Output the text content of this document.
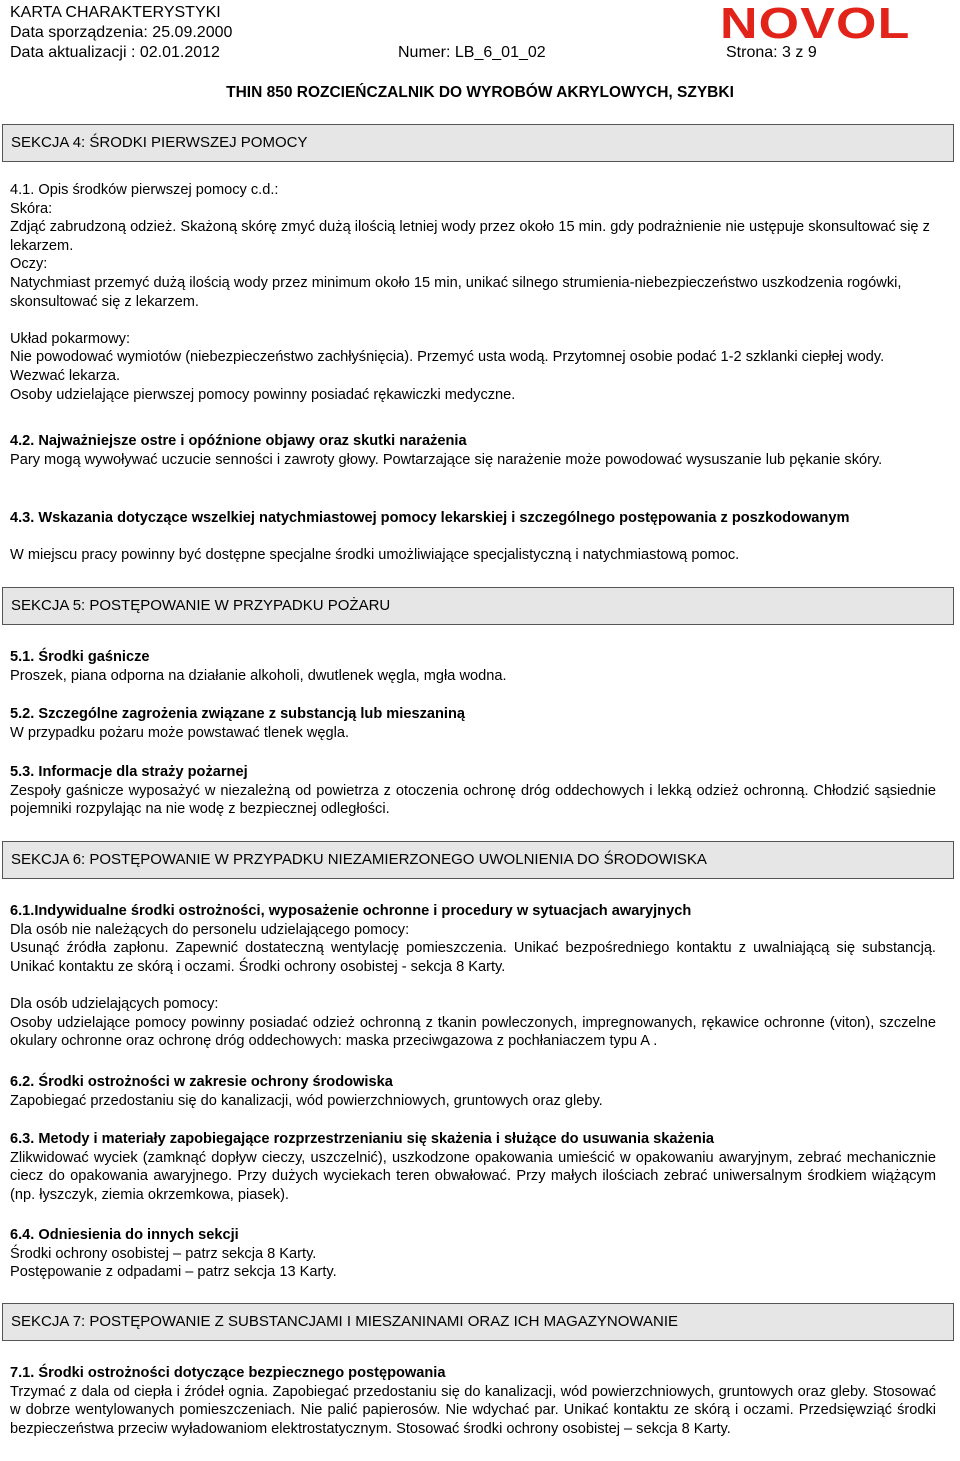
KARTA CHARAKTERYSTYKI
Data sporządzenia: 25.09.2000
Data aktualizacji : 02.01.2012	Numer: LB_6_01_02	Strona: 3 z 9
NOVOL
THIN 850 ROZCIEŃCZALNIK DO WYROBÓW AKRYLOWYCH, SZYBKI
SEKCJA 4: ŚRODKI PIERWSZEJ POMOCY

4.1. Opis środków pierwszej pomocy c.d.:

Skóra:

Zdjąć zabrudzoną odzież. Skażoną skórę zmyć dużą ilością letniej wody przez około 15 min. gdy podrażnienie nie ustępuje skonsultować się z lekarzem.

Oczy:

Natychmiast przemyć dużą ilością wody przez minimum około 15 min, unikać silnego strumienia-niebezpieczeństwo uszkodzenia rogówki, skonsultować się z lekarzem.

Układ pokarmowy:

Nie powodować wymiotów (niebezpieczeństwo zachłyśnięcia). Przemyć usta wodą. Przytomnej osobie podać 1-2 szklanki ciepłej wody. Wezwać lekarza.

Osoby udzielające pierwszej pomocy powinny posiadać rękawiczki medyczne.

4.2. Najważniejsze ostre i opóźnione objawy oraz skutki narażenia

Pary mogą wywoływać uczucie senności i zawroty głowy. Powtarzające się narażenie może powodować wysuszanie lub pękanie skóry.

4.3. Wskazania dotyczące wszelkiej natychmiastowej pomocy lekarskiej i szczególnego postępowania z poszkodowanym

W miejscu pracy powinny być dostępne specjalne środki umożliwiające specjalistyczną i natychmiastową pomoc.

SEKCJA 5: POSTĘPOWANIE W PRZYPADKU POŻARU

5.1. Środki gaśnicze

Proszek, piana odporna na działanie alkoholi, dwutlenek węgla, mgła wodna.

5.2. Szczególne zagrożenia związane z substancją lub mieszaniną

W przypadku pożaru może powstawać tlenek węgla.

5.3. Informacje dla straży pożarnej

Zespoły gaśnicze wyposażyć w niezależną od powietrza z otoczenia ochronę dróg oddechowych i lekką odzież ochronną. Chłodzić sąsiednie pojemniki rozpylając na nie wodę z bezpiecznej odległości.

SEKCJA 6: POSTĘPOWANIE W PRZYPADKU NIEZAMIERZONEGO UWOLNIENIA DO ŚRODOWISKA

6.1.Indywidualne środki ostrożności, wyposażenie ochronne i procedury w sytuacjach awaryjnych

Dla osób nie należących do personelu udzielającego pomocy:

Usunąć źródła zapłonu. Zapewnić dostateczną wentylację pomieszczenia. Unikać bezpośredniego kontaktu z uwalniającą się substancją. Unikać kontaktu ze skórą i oczami. Środki ochrony osobistej - sekcja 8 Karty.

Dla osób udzielających pomocy:

Osoby udzielające pomocy powinny posiadać odzież ochronną z tkanin powleczonych, impregnowanych, rękawice ochronne (viton), szczelne okulary ochronne oraz ochronę dróg oddechowych: maska przeciwgazowa z pochłaniaczem typu A .

6.2. Środki ostrożności w zakresie ochrony środowiska

Zapobiegać przedostaniu się do kanalizacji, wód powierzchniowych, gruntowych oraz gleby.

6.3. Metody i materiały zapobiegające rozprzestrzenianiu się skażenia i służące do usuwania skażenia

Zlikwidować wyciek (zamknąć dopływ cieczy, uszczelnić), uszkodzone opakowania umieścić w opakowaniu awaryjnym, zebrać mechanicznie ciecz do opakowania awaryjnego. Przy dużych wyciekach teren obwałować. Przy małych ilościach zebrać uniwersalnym środkiem wiążącym (np. łyszczyk, ziemia okrzemkowa, piasek).

6.4. Odniesienia do innych sekcji

Środki ochrony osobistej – patrz sekcja 8 Karty.

Postępowanie z odpadami – patrz sekcja 13 Karty.

SEKCJA 7: POSTĘPOWANIE Z SUBSTANCJAMI I MIESZANINAMI ORAZ ICH MAGAZYNOWANIE

7.1. Środki ostrożności dotyczące bezpiecznego postępowania

Trzymać z dala od ciepła i źródeł ognia. Zapobiegać przedostaniu się do kanalizacji, wód powierzchniowych, gruntowych oraz gleby. Stosować w dobrze wentylowanych pomieszczeniach. Nie palić papierosów. Nie wdychać par. Unikać kontaktu ze skórą i oczami. Przedsięwziąć środki bezpieczeństwa przeciw wyładowaniom elektrostatycznym. Stosować środki ochrony osobistej – sekcja 8 Karty.
